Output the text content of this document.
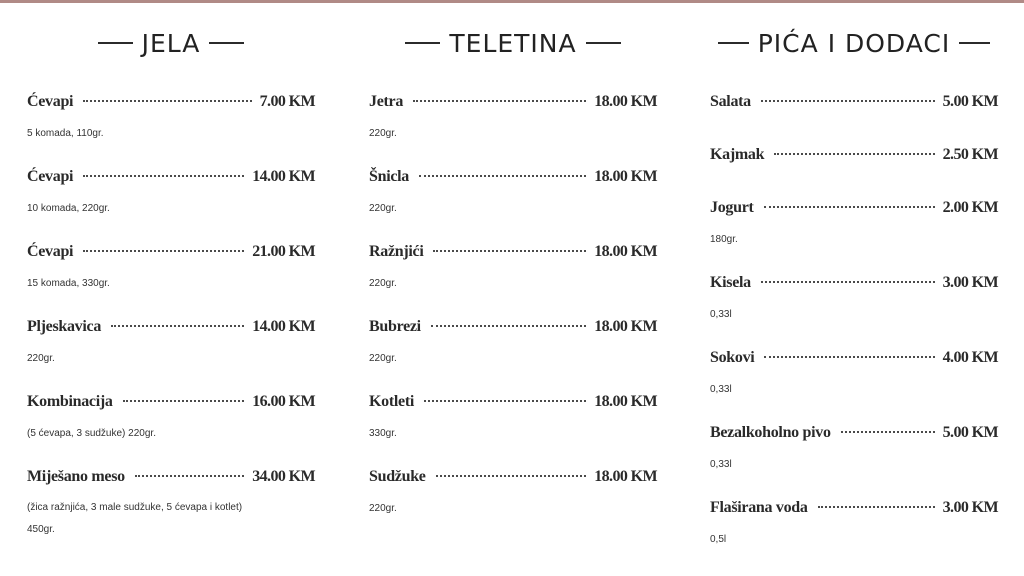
JELA
Ćevapi	7.00 KM
5 komada, 110gr.
Ćevapi	14.00 KM
10 komada, 220gr.
Ćevapi	21.00 KM
15 komada, 330gr.
Pljeskavica	14.00 KM
220gr.
Kombinacija	16.00 KM
(5 ćevapa, 3 sudžuke) 220gr.
Miješano meso	34.00 KM
(žica ražnjića, 3 male sudžuke, 5 ćevapa i kotlet)
450gr.
TELETINA
Jetra	18.00 KM
220gr.
Šnicla	18.00 KM
220gr.
Ražnjići	18.00 KM
220gr.
Bubrezi	18.00 KM
220gr.
Kotleti	18.00 KM
330gr.
Sudžuke	18.00 KM
220gr.
PIĆA I DODACI
Salata	5.00 KM
Kajmak	2.50 KM
Jogurt	2.00 KM
180gr.
Kisela	3.00 KM
0,33l
Sokovi	4.00 KM
0,33l
Bezalkoholno pivo	5.00 KM
0,33l
Flaširana voda	3.00 KM
0,5l
